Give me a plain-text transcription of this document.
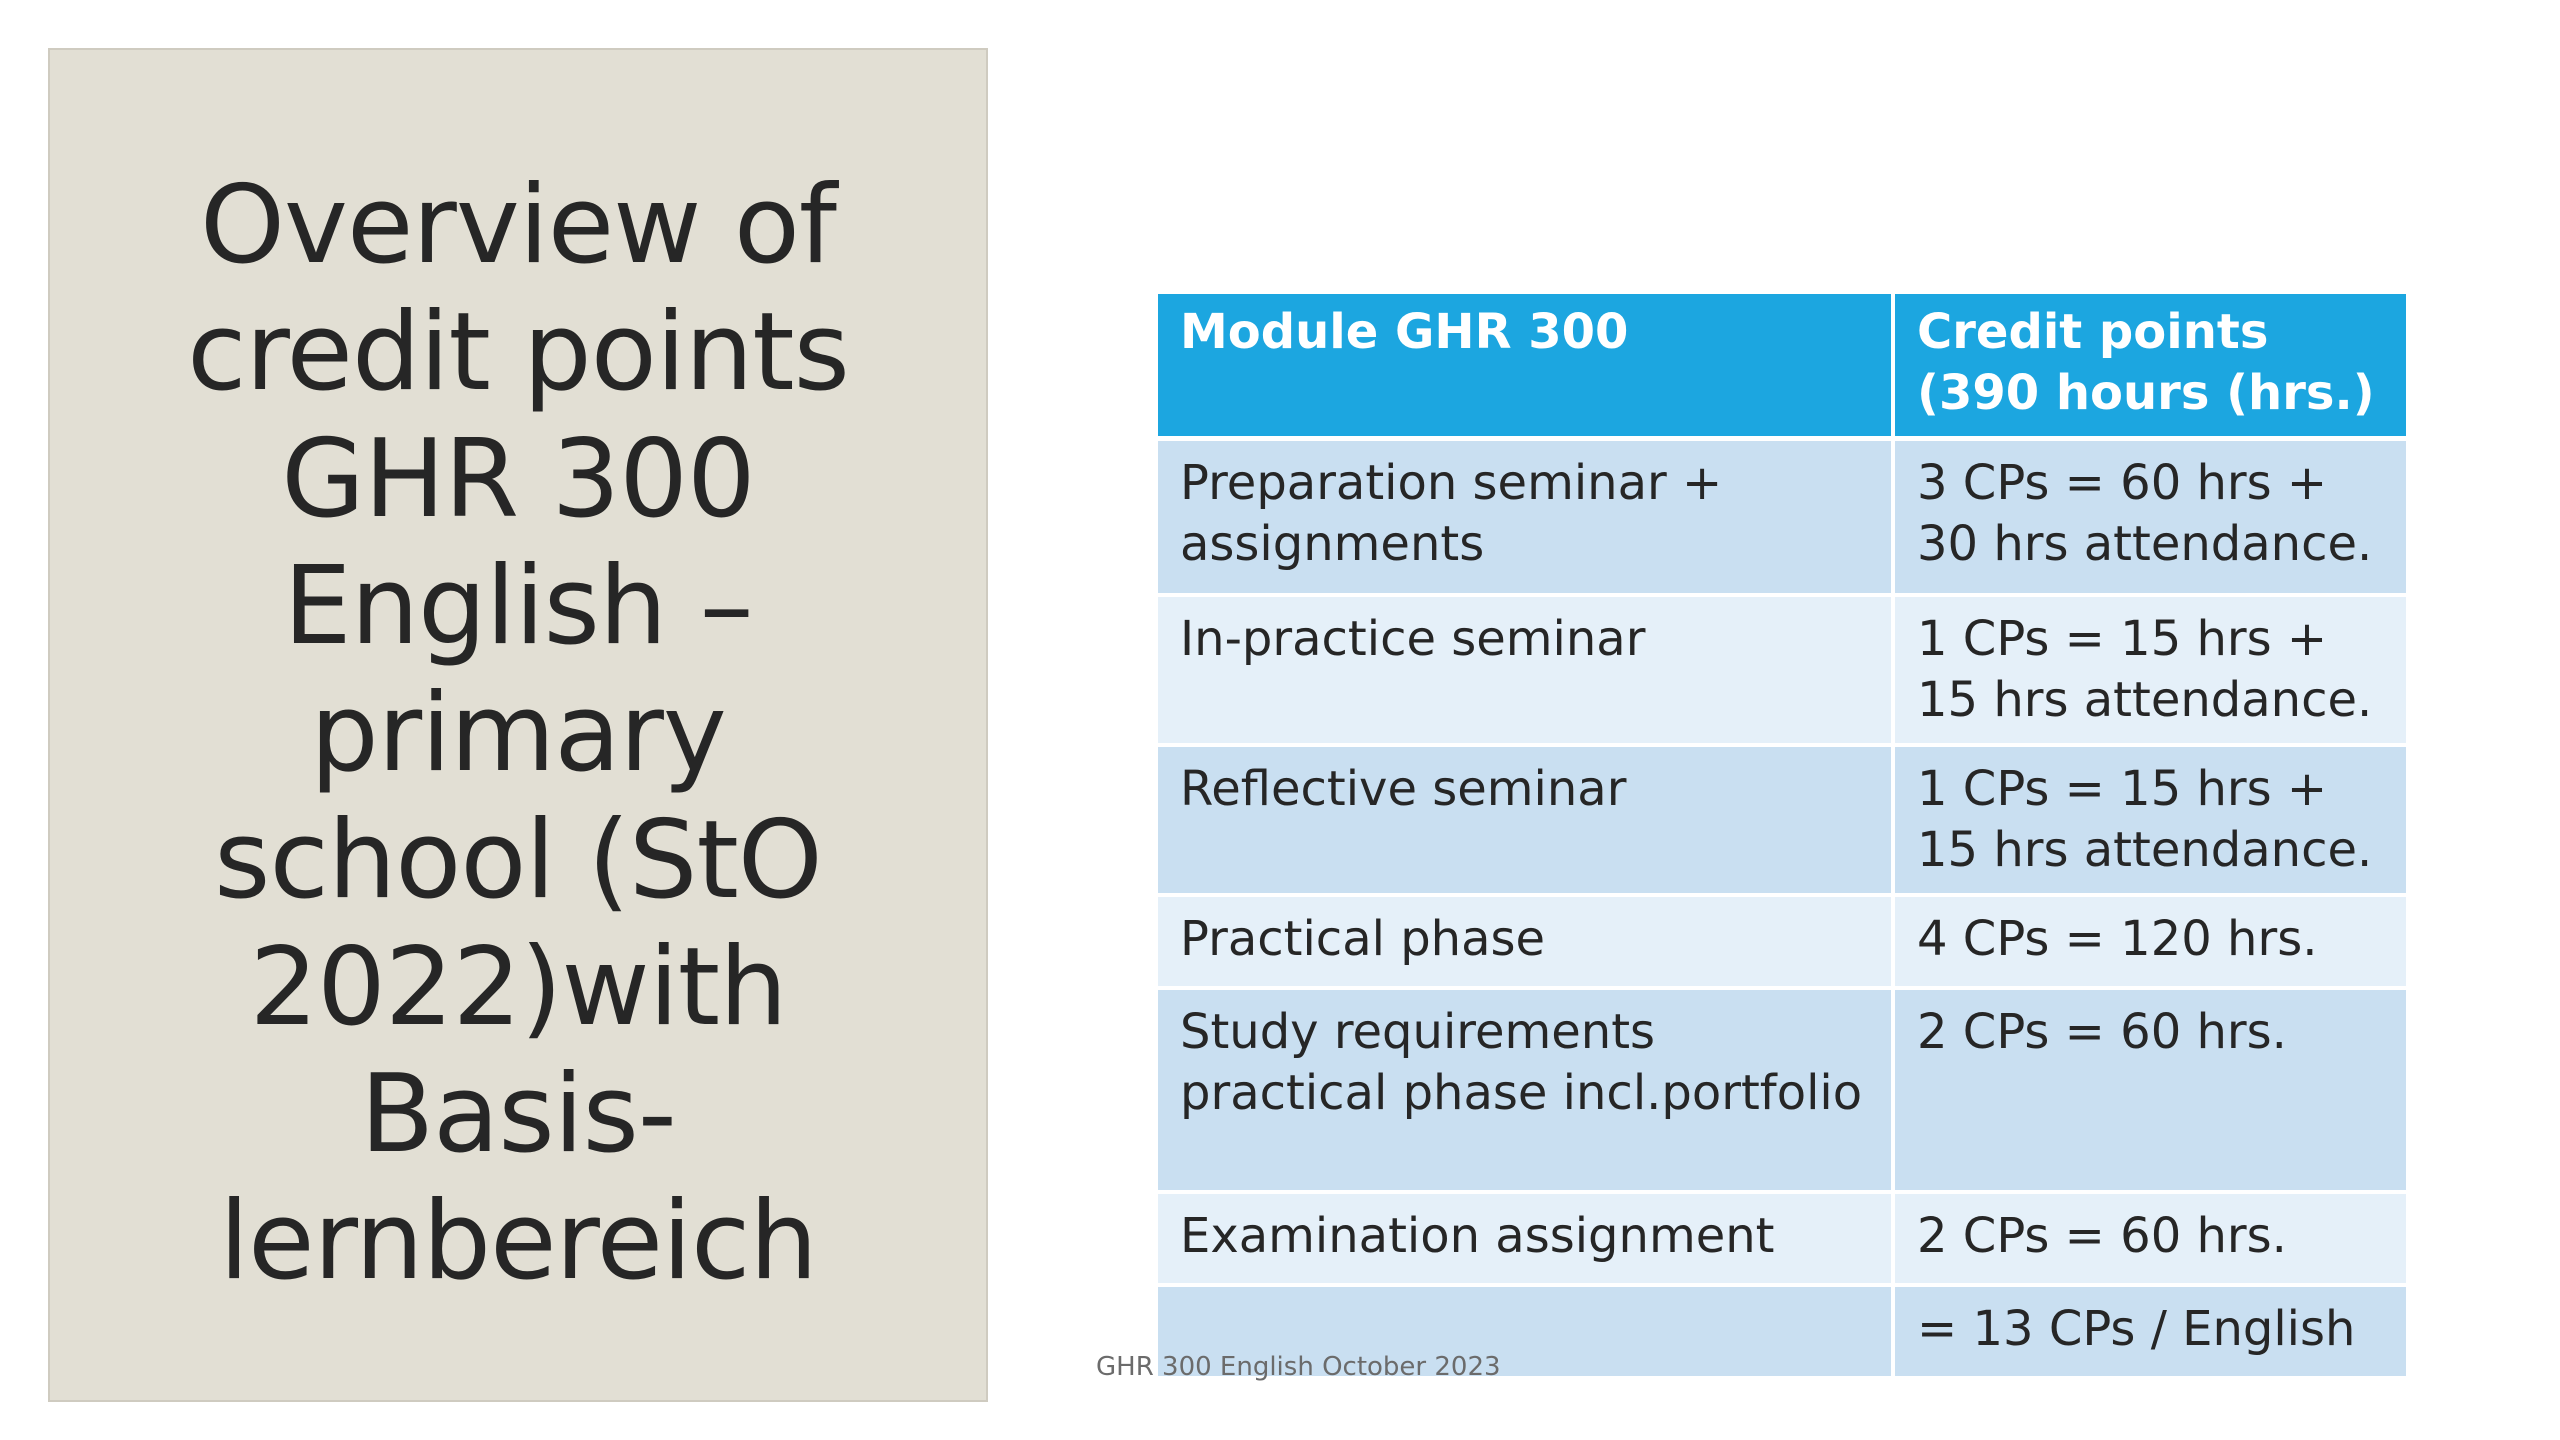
Overview of
credit points
GHR 300
English –
primary
school (StO
2022)with
Basis-
lernbereich
Module GHR 300	Credit points (390 hours (hrs.)
Preparation seminar + assignments	3 CPs = 60 hrs + 30 hrs attendance.
In-practice seminar	1 CPs = 15 hrs + 15 hrs attendance.
Reflective seminar	1 CPs = 15 hrs + 15 hrs attendance.
Practical phase	4 CPs = 120 hrs.
Study requirements practical phase incl.portfolio	2 CPs = 60 hrs.
Examination assignment	2 CPs = 60 hrs.
	= 13 CPs / English
GHR 300 English October 2023
